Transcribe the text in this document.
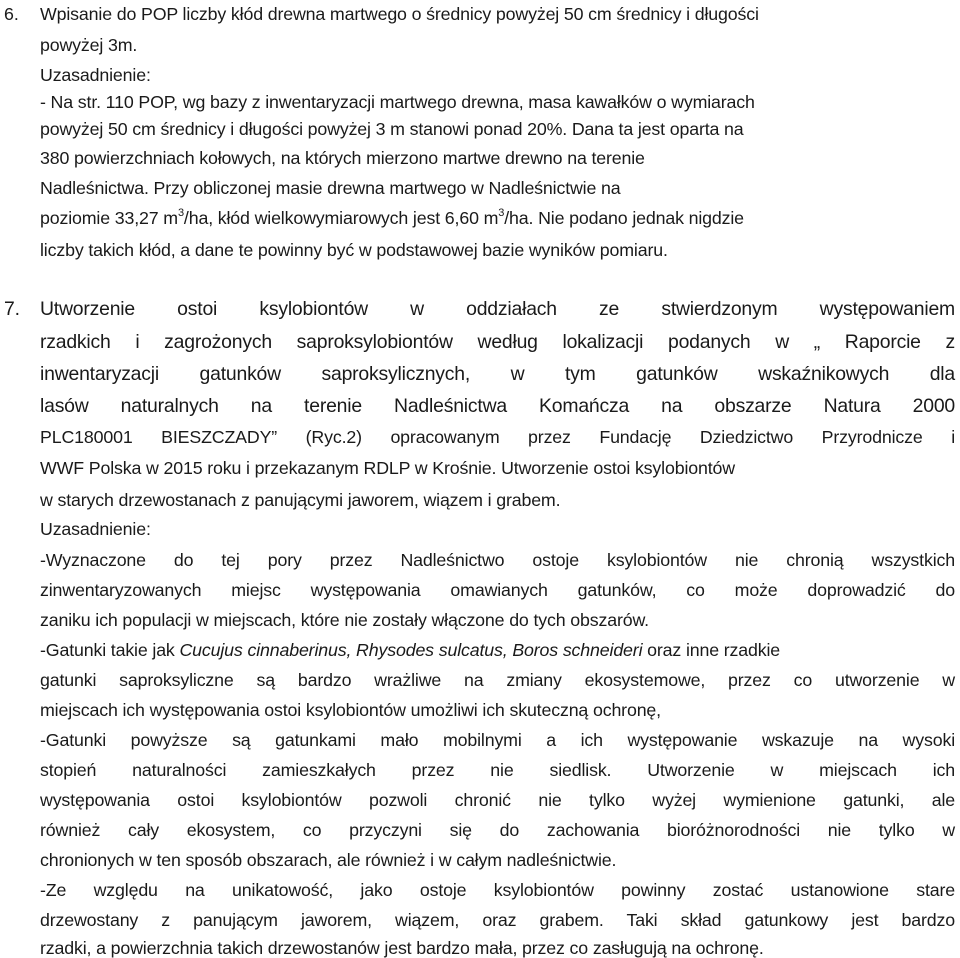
6. Wpisanie do POP liczby kłód drewna martwego o średnicy powyżej 50 cm średnicy i długości
powyżej 3m.
Uzasadnienie:
- Na str. 110 POP, wg bazy z inwentaryzacji martwego drewna, masa kawałków o wymiarach
powyżej 50 cm średnicy i długości powyżej 3 m stanowi ponad 20%. Dana ta jest oparta na
380 powierzchniach kołowych, na których mierzono martwe drewno na terenie
Nadleśnictwa. Przy obliczonej masie drewna martwego w Nadleśnictwie na
poziomie 33,27 $m^3/ha$, kłód wielkowymiarowych jest 6,60 $m^3/ha$. Nie podano jednak nigdzie
liczby takich kłód, a dane te powinny być w podstawowej bazie wyników pomiaru.
7. Utworzenie ostoi ksylobiontów w oddziałach ze stwierdzonym występowaniem
rzadkich i zagrożonych saproksylobiontów według lokalizacji podanych w „ Raporcie z
inwentaryzacji gatunków saproksylicznych, w tym gatunków wskaźnikowych dla
lasów naturalnych na terenie Nadleśnictwa Komańcza na obszarze Natura 2000
PLC180001 BIESZCZADY” (Ryc.2) opracowanym przez Fundację Dziedzictwo Przyrodnicze i
WWF Polska w 2015 roku i przekazanym RDLP w Krośnie. Utworzenie ostoi ksylobiontów
w starych drzewostanach z panującymi jaworem, wiązem i grabem.
Uzasadnienie:
-Wyznaczone do tej pory przez Nadleśnictwo ostoje ksylobiontów nie chronią wszystkich
zinwentaryzowanych miejsc występowania omawianych gatunków, co może doprowadzić do
zaniku ich populacji w miejscach, które nie zostały włączone do tych obszarów.
-Gatunki takie jak Cucujus cinnaberinus, Rhysodes sulcatus, Boros schneideri oraz inne rzadkie
gatunki saproksyliczne są bardzo wrażliwe na zmiany ekosystemowe, przez co utworzenie w
miejscach ich występowania ostoi ksylobiontów umożliwi ich skuteczną ochronę,
-Gatunki powyższe są gatunkami mało mobilnymi a ich występowanie wskazuje na wysoki
stopień naturalności zamieszkałych przez nie siedlisk. Utworzenie w miejscach ich
występowania ostoi ksylobiontów pozwoli chronić nie tylko wyżej wymienione gatunki, ale
również cały ekosystem, co przyczyni się do zachowania bioróżnorodności nie tylko w
chronionych w ten sposób obszarach, ale również i w całym nadleśnictwie.
-Ze względu na unikatowość, jako ostoje ksylobiontów powinny zostać ustanowione stare
drzewostany z panującym jaworem, wiązem, oraz grabem. Taki skład gatunkowy jest bardzo
rzadki, a powierzchnia takich drzewostanów jest bardzo mała, przez co zasługują na ochronę.
